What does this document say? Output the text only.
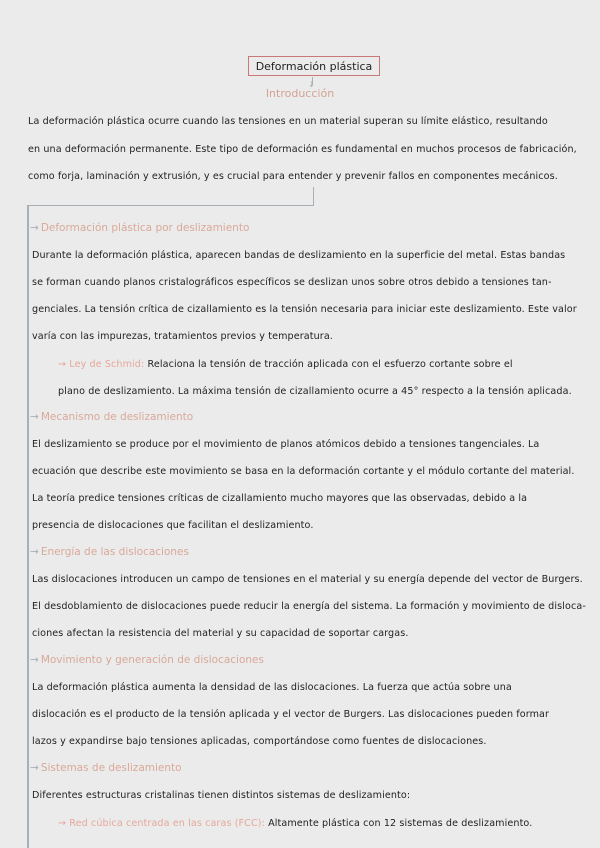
Deformación plástica
↓
Introducción
La deformación plástica ocurre cuando las tensiones en un material superan su límite elástico, resultando
en una deformación permanente. Este tipo de deformación es fundamental en muchos procesos de fabricación,
como forja, laminación y extrusión, y es crucial para entender y prevenir fallos en componentes mecánicos.
→ Deformación plástica por deslizamiento
Durante la deformación plástica, aparecen bandas de deslizamiento en la superficie del metal. Estas bandas
se forman cuando planos cristalográficos específicos se deslizan unos sobre otros debido a tensiones tan-
genciales. La tensión crítica de cizallamiento es la tensión necesaria para iniciar este deslizamiento. Este valor
varía con las impurezas, tratamientos previos y temperatura.
→ Ley de Schmid: Relaciona la tensión de tracción aplicada con el esfuerzo cortante sobre el
plano de deslizamiento. La máxima tensión de cizallamiento ocurre a 45° respecto a la tensión aplicada.
→ Mecanismo de deslizamiento
El deslizamiento se produce por el movimiento de planos atómicos debido a tensiones tangenciales. La
ecuación que describe este movimiento se basa en la deformación cortante y el módulo cortante del material.
La teoría predice tensiones críticas de cizallamiento mucho mayores que las observadas, debido a la
presencia de dislocaciones que facilitan el deslizamiento.
→ Energía de las dislocaciones
Las dislocaciones introducen un campo de tensiones en el material y su energía depende del vector de Burgers.
El desdoblamiento de dislocaciones puede reducir la energía del sistema. La formación y movimiento de disloca-
ciones afectan la resistencia del material y su capacidad de soportar cargas.
→ Movimiento y generación de dislocaciones
La deformación plástica aumenta la densidad de las dislocaciones. La fuerza que actúa sobre una
dislocación es el producto de la tensión aplicada y el vector de Burgers. Las dislocaciones pueden formar
lazos y expandirse bajo tensiones aplicadas, comportándose como fuentes de dislocaciones.
→ Sistemas de deslizamiento
Diferentes estructuras cristalinas tienen distintos sistemas de deslizamiento:
→ Red cúbica centrada en las caras (FCC): Altamente plástica con 12 sistemas de deslizamiento.
